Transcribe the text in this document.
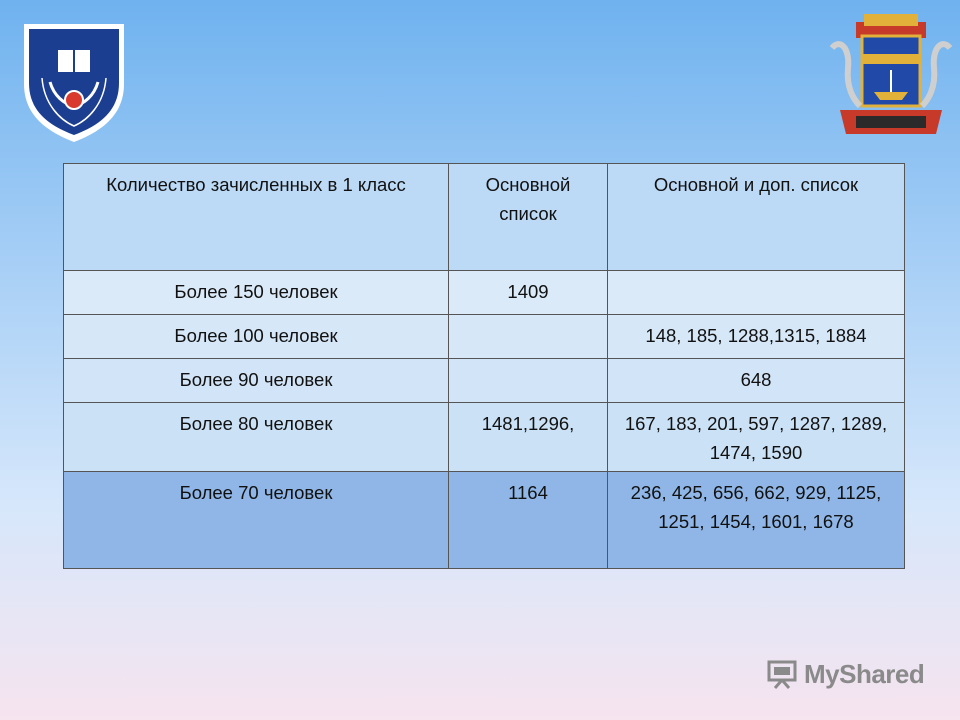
Количество зачисленных в 1 класс	Основной список	Основной и доп. список
Более 150 человек	1409	
Более 100 человек		148, 185, 1288,1315, 1884
Более 90 человек		648
Более 80 человек	1481,1296,	167, 183, 201, 597, 1287, 1289, 1474, 1590
Более 70 человек	1164	236, 425, 656, 662, 929, 1125, 1251, 1454, 1601, 1678
MyShared
